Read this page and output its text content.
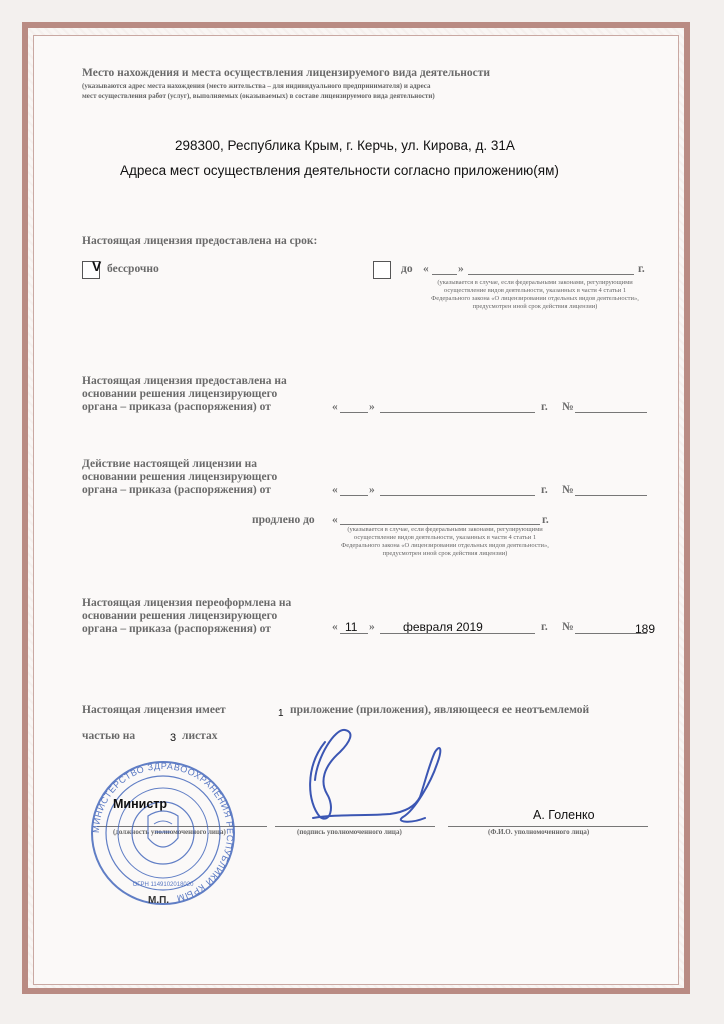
Место нахождения и места осуществления лицензируемого вида деятельности
(указываются адрес места нахождения (место жительства – для индивидуального предпринимателя) и адреса
мест осуществления работ (услуг), выполняемых (оказываемых) в составе лицензируемого вида деятельности)
298300, Республика Крым, г. Керчь, ул. Кирова, д. 31А
Адреса мест осуществления деятельности согласно приложению(ям)
Настоящая лицензия предоставлена на срок:
V бессрочно	до «	»	г.
(указывается в случае, если федеральными законами, регулирующими осуществление видов деятельности, указанных в части 4 статьи 1 Федерального закона «О лицензировании отдельных видов деятельности», предусмотрен иной срок действия лицензии)
Настоящая лицензия предоставлена на
основании решения лицензирующего
органа – приказа (распоряжения) от	«	»	г. №
Действие настоящей лицензии на
основании решения лицензирующего
органа – приказа (распоряжения) от	«	»	г. №
продлено до «	г.
(указывается в случае, если федеральными законами, регулирующими осуществление видов деятельности, указанных в части 4 статьи 1 Федерального закона «О лицензировании отдельных видов деятельности», предусмотрен иной срок действия лицензии)
Настоящая лицензия переоформлена на
основании решения лицензирующего
органа – приказа (распоряжения) от	« 11 » февраля 2019	г. №	189
Настоящая лицензия имеет	1 приложение (приложения), являющееся ее неотъемлемой
частью на	3 листах
(должность уполномоченного лица)	(подпись уполномоченного лица)	(Ф.И.О. уполномоченного лица)
А. Голенко
МИНИСТЕРСТВО ЗДРАВООХРАНЕНИЯ РЕСПУБЛИКИ КРЫМ
ОГРН 1149102018020
Министр
М.П.
